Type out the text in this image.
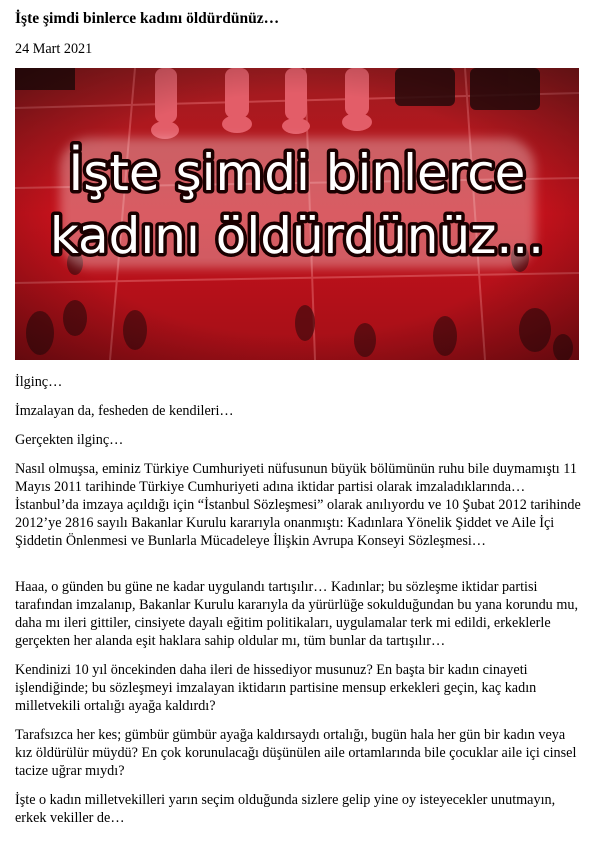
İşte şimdi binlerce kadını öldürdünüz…
24 Mart 2021
İşte şimdi binlerce
kadını öldürdünüz...

İlginç…

İmzalayan da, fesheden de kendileri…

Gerçekten ilginç…

Nasıl olmuşsa, eminiz Türkiye Cumhuriyeti nüfusunun büyük bölümünün ruhu bile duymamıştı 11 Mayıs 2011 tarihinde Türkiye Cumhuriyeti adına iktidar partisi olarak imzaladıklarında… İstanbul’da imzaya açıldığı için “İstanbul Sözleşmesi” olarak anılıyordu ve 10 Şubat 2012 tarihinde 2012’ye 2816 sayılı Bakanlar Kurulu kararıyla onanmıştı: Kadınlara Yönelik Şiddet ve Aile İçi Şiddetin Önlenmesi ve Bunlarla Mücadeleye İlişkin Avrupa Konseyi Sözleşmesi…

Haaa, o günden bu güne ne kadar uygulandı tartışılır… Kadınlar; bu sözleşme iktidar partisi tarafından imzalanıp, Bakanlar Kurulu kararıyla da yürürlüğe sokulduğundan bu yana korundu mu, daha mı ileri gittiler, cinsiyete dayalı eğitim politikaları, uygulamalar terk mi edildi, erkeklerle gerçekten her alanda eşit haklara sahip oldular mı, tüm bunlar da tartışılır…

Kendinizi 10 yıl öncekinden daha ileri de hissediyor musunuz? En başta bir kadın cinayeti işlendiğinde; bu sözleşmeyi imzalayan iktidarın partisine mensup erkekleri geçin, kaç kadın milletvekili ortalığı ayağa kaldırdı?

Tarafsızca her kes; gümbür gümbür ayağa kaldırsaydı ortalığı, bugün hala her gün bir kadın veya kız öldürülür müydü? En çok korunulacağı düşünülen aile ortamlarında bile çocuklar aile içi cinsel tacize uğrar mıydı?

İşte o kadın milletvekilleri yarın seçim olduğunda sizlere gelip yine oy isteyecekler unutmayın, erkek vekiller de…
